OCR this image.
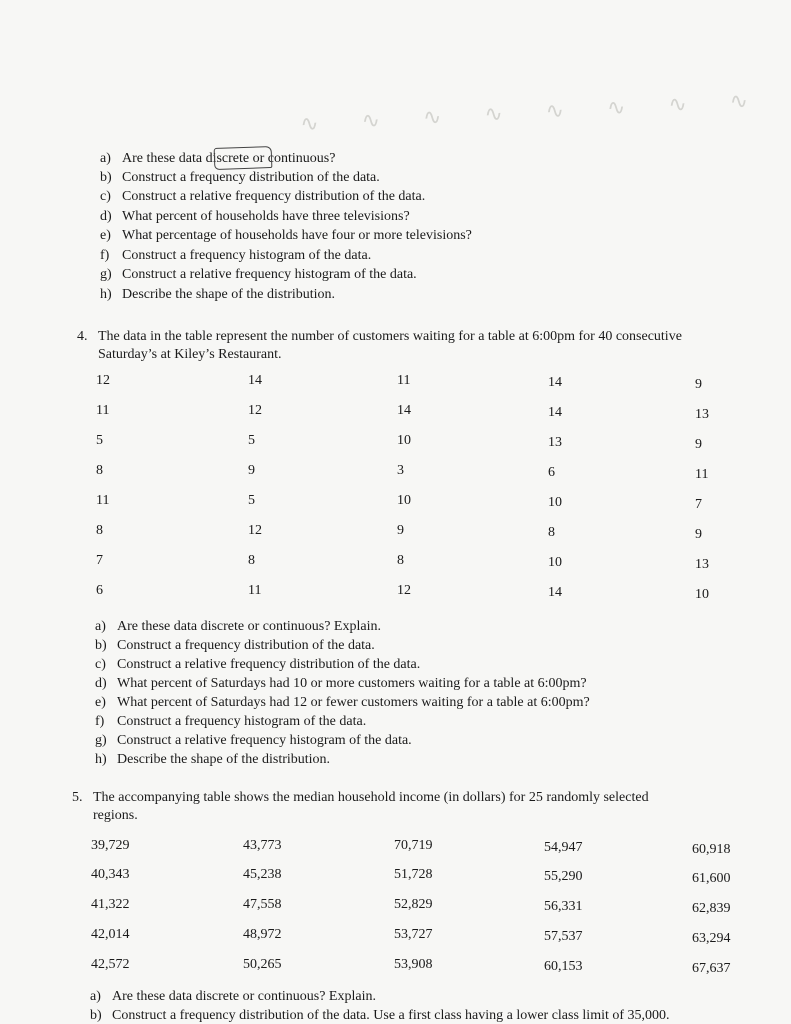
∿ ∿ ∿ ∿ ∿ ∿ ∿ ∿
a) Are these data discrete or continuous?
b) Construct a frequency distribution of the data.
c) Construct a relative frequency distribution of the data.
d) What percent of households have three televisions?
e) What percentage of households have four or more televisions?
f) Construct a frequency histogram of the data.
g) Construct a relative frequency histogram of the data.
h) Describe the shape of the distribution.
4. The data in the table represent the number of customers waiting for a table at 6:00pm for 40 consecutive
Saturday’s at Kiley’s Restaurant.
12	14	11	14	9
11	12	14	14	13
5	5	10	13	9
8	9	3	6	11
11	5	10	10	7
8	12	9	8	9
7	8	8	10	13
6	11	12	14	10
a) Are these data discrete or continuous? Explain.
b) Construct a frequency distribution of the data.
c) Construct a relative frequency distribution of the data.
d) What percent of Saturdays had 10 or more customers waiting for a table at 6:00pm?
e) What percent of Saturdays had 12 or fewer customers waiting for a table at 6:00pm?
f) Construct a frequency histogram of the data.
g) Construct a relative frequency histogram of the data.
h) Describe the shape of the distribution.
5. The accompanying table shows the median household income (in dollars) for 25 randomly selected
regions.
39,729	43,773	70,719	54,947	60,918
40,343	45,238	51,728	55,290	61,600
41,322	47,558	52,829	56,331	62,839
42,014	48,972	53,727	57,537	63,294
42,572	50,265	53,908	60,153	67,637
a) Are these data discrete or continuous? Explain.
b) Construct a frequency distribution of the data. Use a first class having a lower class limit of 35,000.
